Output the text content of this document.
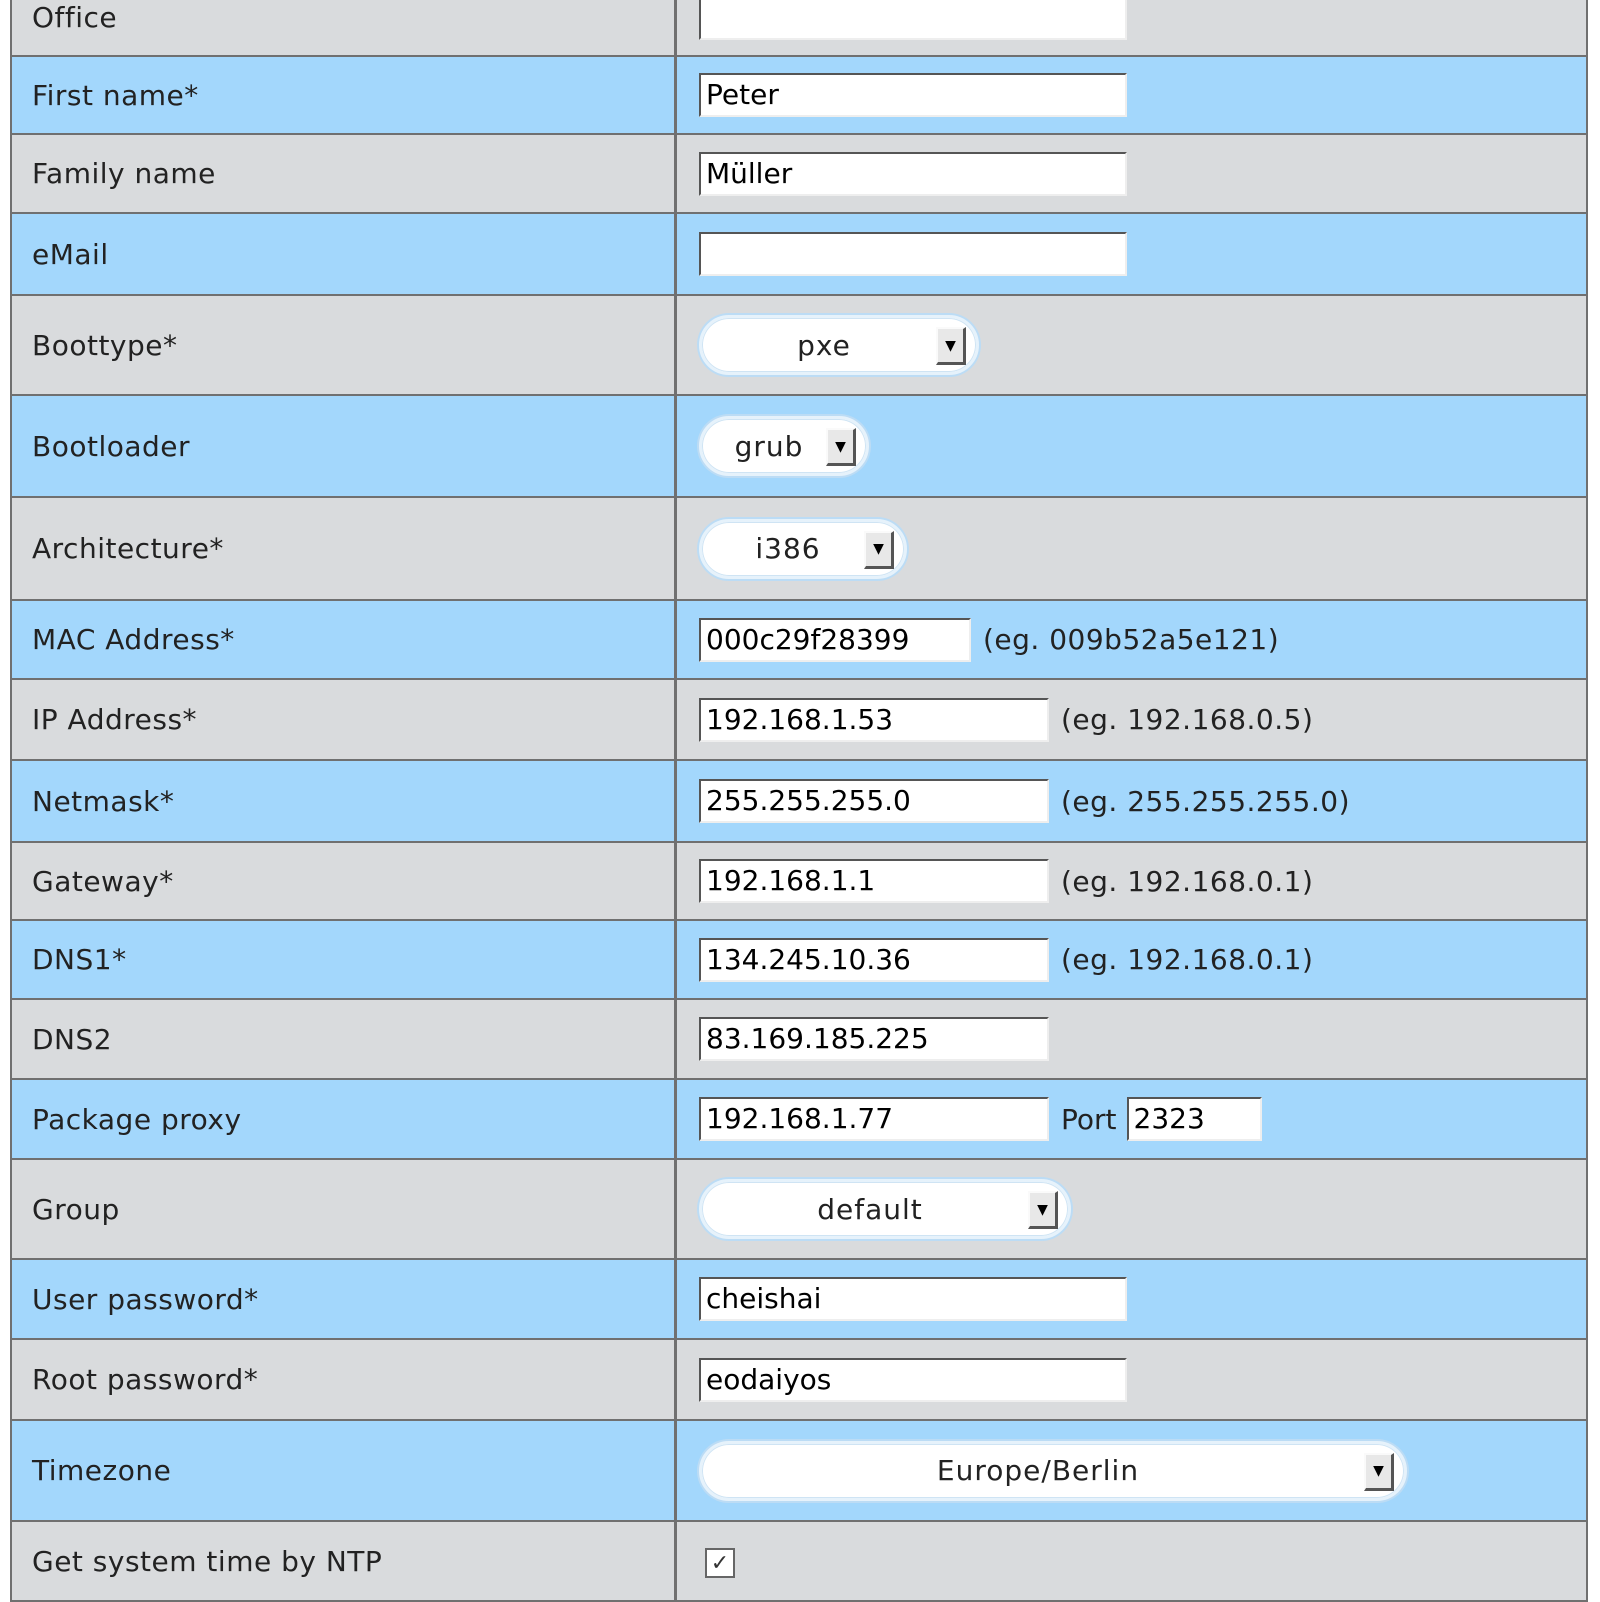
Office
First name*	Peter
Family name	Müller
eMail
Boottype*	pxe	▼
Bootloader	grub	▼
Architecture*	i386	▼
MAC Address*	000c29f28399	(eg. 009b52a5e121)
IP Address*	192.168.1.53	(eg. 192.168.0.5)
Netmask*	255.255.255.0	(eg. 255.255.255.0)
Gateway*	192.168.1.1	(eg. 192.168.0.1)
DNS1*	134.245.10.36	(eg. 192.168.0.1)
DNS2	83.169.185.225
Package proxy	192.168.1.77	Port 2323
Group	default	▼
User password*	cheishai
Root password*	eodaiyos
Timezone	Europe/Berlin	▼
Get system time by NTP	✓
